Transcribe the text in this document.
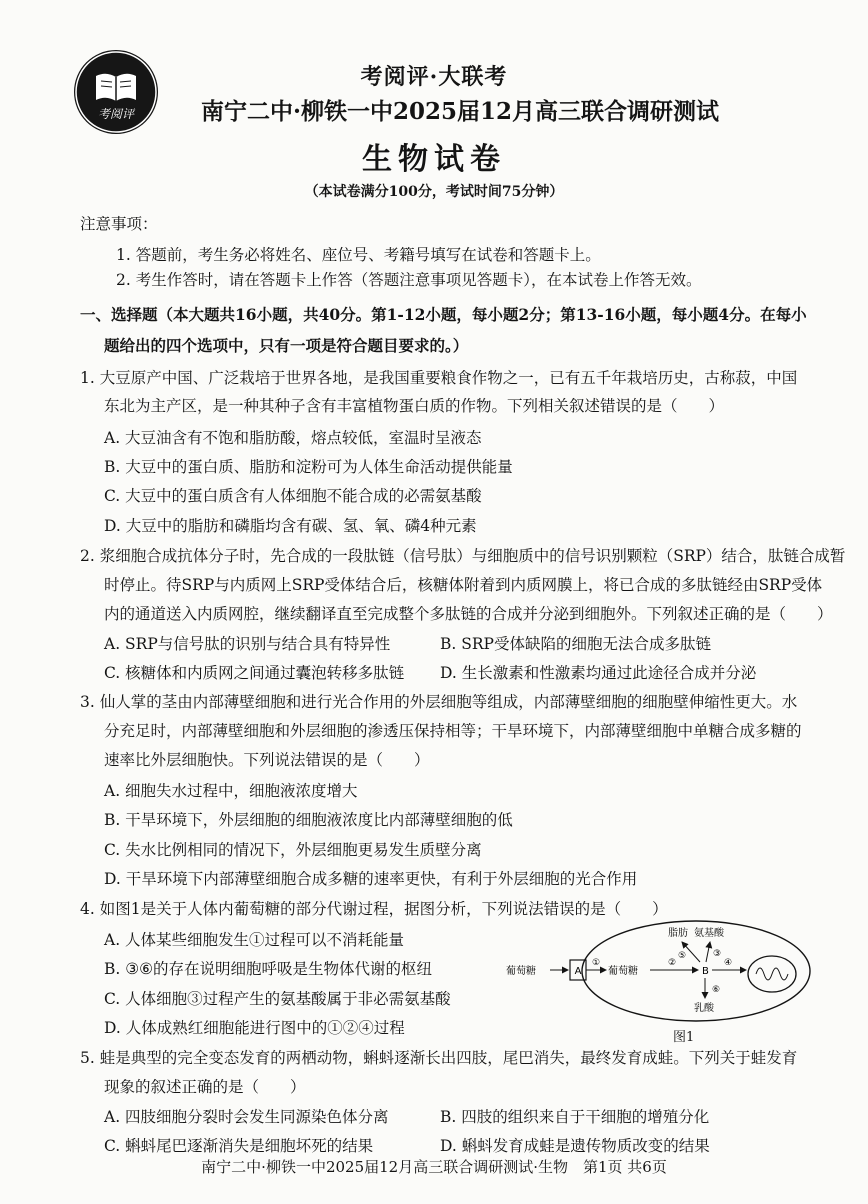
考阅评
考阅评·大联考
南宁二中·柳铁一中2025届12月高三联合调研测试
生物试卷
（本试卷满分100分，考试时间75分钟）
注意事项：
1. 答题前，考生务必将姓名、座位号、考籍号填写在试卷和答题卡上。
2. 考生作答时，请在答题卡上作答（答题注意事项见答题卡），在本试卷上作答无效。
一、选择题（本大题共16小题，共40分。第1-12小题，每小题2分；第13-16小题，每小题4分。在每小
题给出的四个选项中，只有一项是符合题目要求的。）
1. 大豆原产中国、广泛栽培于世界各地，是我国重要粮食作物之一，已有五千年栽培历史，古称菽，中国
东北为主产区，是一种其种子含有丰富植物蛋白质的作物。下列相关叙述错误的是（　　）
A. 大豆油含有不饱和脂肪酸，熔点较低，室温时呈液态
B. 大豆中的蛋白质、脂肪和淀粉可为人体生命活动提供能量
C. 大豆中的蛋白质含有人体细胞不能合成的必需氨基酸
D. 大豆中的脂肪和磷脂均含有碳、氢、氧、磷4种元素
2. 浆细胞合成抗体分子时，先合成的一段肽链（信号肽）与细胞质中的信号识别颗粒（SRP）结合，肽链合成暂
时停止。待SRP与内质网上SRP受体结合后，核糖体附着到内质网膜上，将已合成的多肽链经由SRP受体
内的通道送入内质网腔，继续翻译直至完成整个多肽链的合成并分泌到细胞外。下列叙述正确的是（　　）
A. SRP与信号肽的识别与结合具有特异性	B. SRP受体缺陷的细胞无法合成多肽链
C. 核糖体和内质网之间通过囊泡转移多肽链 D. 生长激素和性激素均通过此途径合成并分泌
3. 仙人掌的茎由内部薄壁细胞和进行光合作用的外层细胞等组成，内部薄壁细胞的细胞壁伸缩性更大。水
分充足时，内部薄壁细胞和外层细胞的渗透压保持相等；干旱环境下，内部薄壁细胞中单糖合成多糖的
速率比外层细胞快。下列说法错误的是（　　）
A. 细胞失水过程中，细胞液浓度增大
B. 干旱环境下，外层细胞的细胞液浓度比内部薄壁细胞的低
C. 失水比例相同的情况下，外层细胞更易发生质壁分离
D. 干旱环境下内部薄壁细胞合成多糖的速率更快，有利于外层细胞的光合作用
4. 如图1是关于人体内葡萄糖的部分代谢过程，据图分析，下列说法错误的是（　　）
A. 人体某些细胞发生①过程可以不消耗能量
B. ③⑥的存在说明细胞呼吸是生物体代谢的枢纽
C. 人体细胞③过程产生的氨基酸属于非必需氨基酸
D. 人体成熟红细胞能进行图中的①②④过程
葡萄糖	A
①
葡萄糖
②
B
脂肪 氨基酸
⑤	③
④
⑥
乳酸
图1
5. 蛙是典型的完全变态发育的两栖动物，蝌蚪逐渐长出四肢，尾巴消失，最终发育成蛙。下列关于蛙发育
现象的叙述正确的是（　　）
A. 四肢细胞分裂时会发生同源染色体分离	B. 四肢的组织来自于干细胞的增殖分化
C. 蝌蚪尾巴逐渐消失是细胞坏死的结果	D. 蝌蚪发育成蛙是遗传物质改变的结果
南宁二中·柳铁一中2025届12月高三联合调研测试·生物　第1页 共6页
